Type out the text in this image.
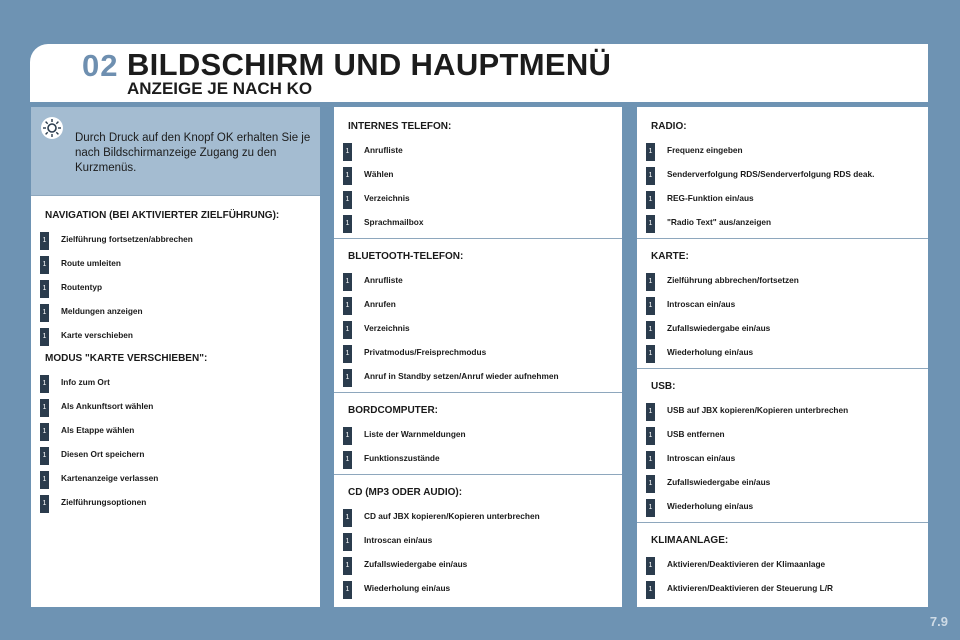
02 BILDSCHIRM UND HAUPTMENÜ
ANZEIGE JE NACH KO
Durch Druck auf den Knopf OK erhalten Sie je nach Bildschirmanzeige Zugang zu den Kurzmenüs.
NAVIGATION (BEI AKTIVIERTER ZIELFÜHRUNG):
1	Zielführung fortsetzen/abbrechen
1	Route umleiten
1	Routentyp
1	Meldungen anzeigen
1	Karte verschieben
MODUS "KARTE VERSCHIEBEN":
1	Info zum Ort
1	Als Ankunftsort wählen
1	Als Etappe wählen
1	Diesen Ort speichern
1	Kartenanzeige verlassen
1	Zielführungsoptionen
INTERNES TELEFON:
1	Anrufliste
1	Wählen
1	Verzeichnis
1	Sprachmailbox
BLUETOOTH-TELEFON:
1	Anrufliste
1	Anrufen
1	Verzeichnis
1	Privatmodus/Freisprechmodus
1	Anruf in Standby setzen/Anruf wieder aufnehmen
BORDCOMPUTER:
1	Liste der Warnmeldungen
1	Funktionszustände
CD (MP3 ODER AUDIO):
1	CD auf JBX kopieren/Kopieren unterbrechen
1	Introscan ein/aus
1	Zufallswiedergabe ein/aus
1	Wiederholung ein/aus
RADIO:
1	Frequenz eingeben
1	Senderverfolgung RDS/Senderverfolgung RDS deak.
1	REG-Funktion ein/aus
1	"Radio Text" aus/anzeigen
KARTE:
1	Zielführung abbrechen/fortsetzen
1	Introscan ein/aus
1	Zufallswiedergabe ein/aus
1	Wiederholung ein/aus
USB:
1	USB auf JBX kopieren/Kopieren unterbrechen
1	USB entfernen
1	Introscan ein/aus
1	Zufallswiedergabe ein/aus
1	Wiederholung ein/aus
KLIMAANLAGE:
1	Aktivieren/Deaktivieren der Klimaanlage
1	Aktivieren/Deaktivieren der Steuerung L/R
7.9
